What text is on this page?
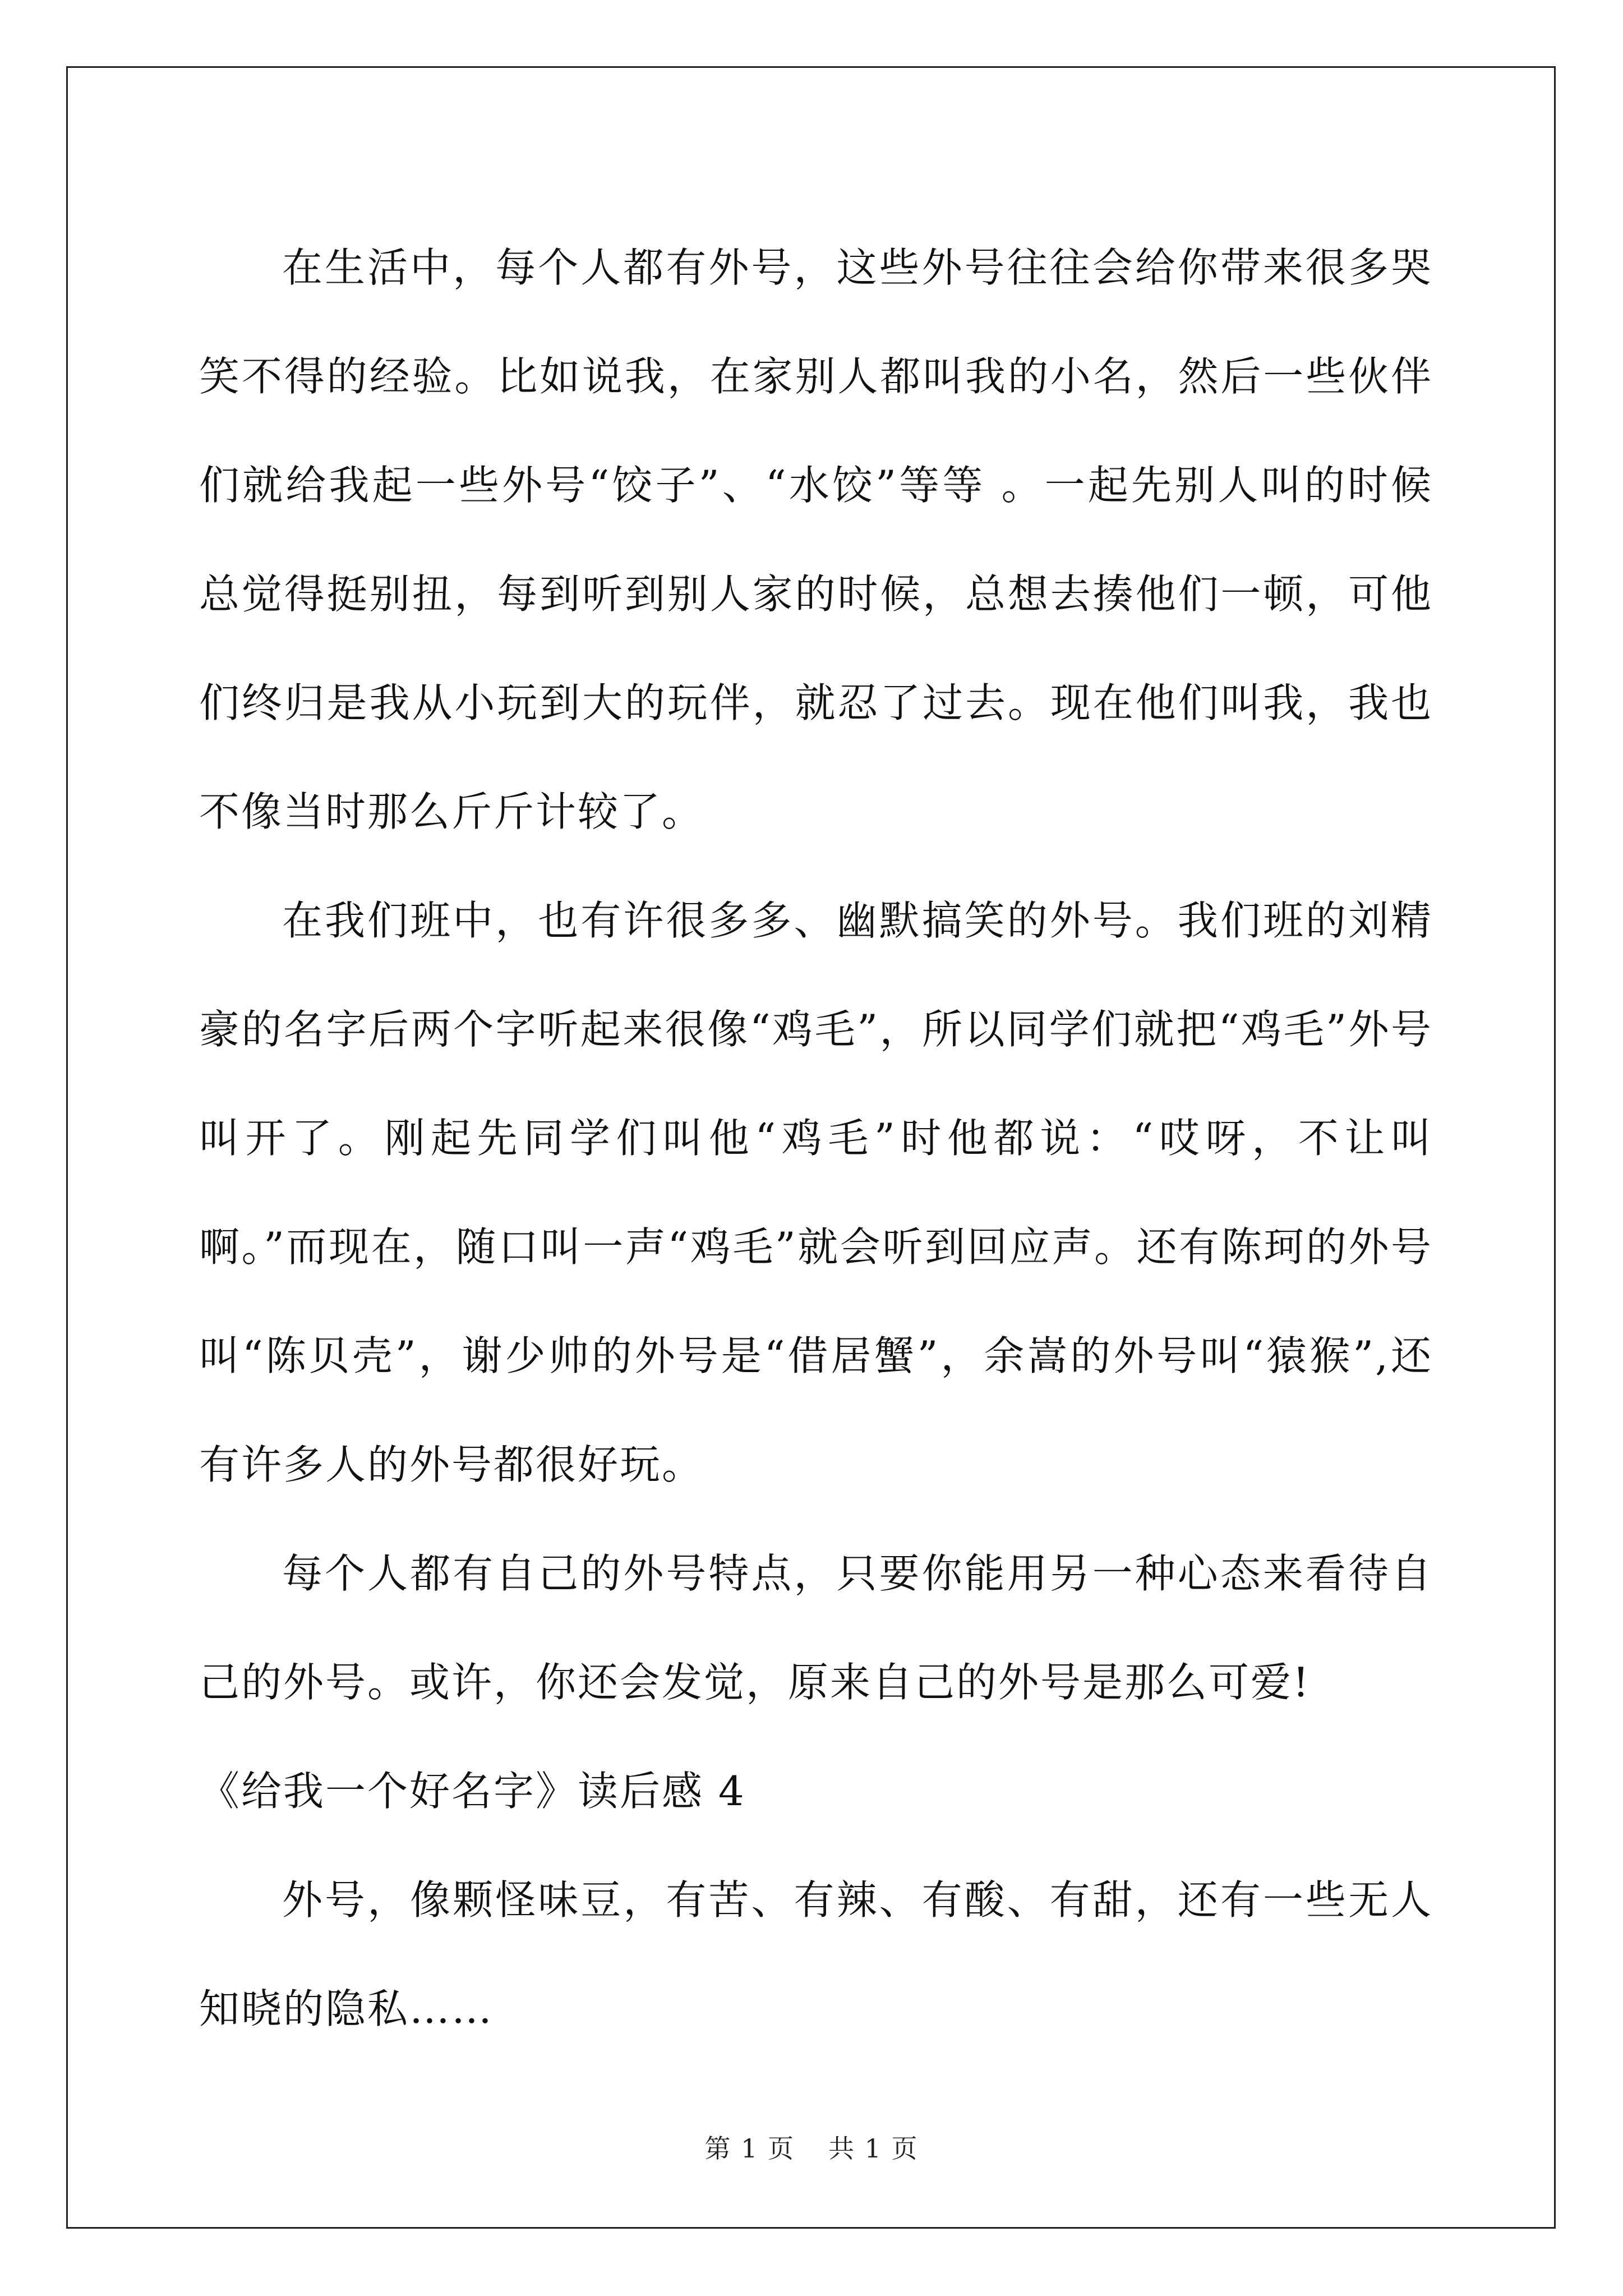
在生活中，每个人都有外号，这些外号往往会给你带来很多哭笑不得的经验。比如说我，在家别人都叫我的小名，然后一些伙伴们就给我起一些外号“饺子”、“水饺”等等 。一起先别人叫的时候总觉得挺别扭，每到听到别人家的时候，总想去揍他们一顿，可他们终归是我从小玩到大的玩伴，就忍了过去。现在他们叫我，我也不像当时那么斤斤计较了。

在我们班中，也有许很多多、幽默搞笑的外号。我们班的刘精豪的名字后两个字听起来很像“鸡毛”，所以同学们就把“鸡毛”外号叫开了。刚起先同学们叫他“鸡毛”时他都说：“哎呀，不让叫啊。”而现在，随口叫一声“鸡毛”就会听到回应声。还有陈珂的外号叫“陈贝壳”，谢少帅的外号是“借居蟹”，余嵩的外号叫“猿猴”,还有许多人的外号都很好玩。

每个人都有自己的外号特点，只要你能用另一种心态来看待自己的外号。或许，你还会发觉，原来自己的外号是那么可爱!

《给我一个好名字》读后感 4

外号，像颗怪味豆，有苦、有辣、有酸、有甜，还有一些无人知晓的隐私……

第 1 页 共 1 页
